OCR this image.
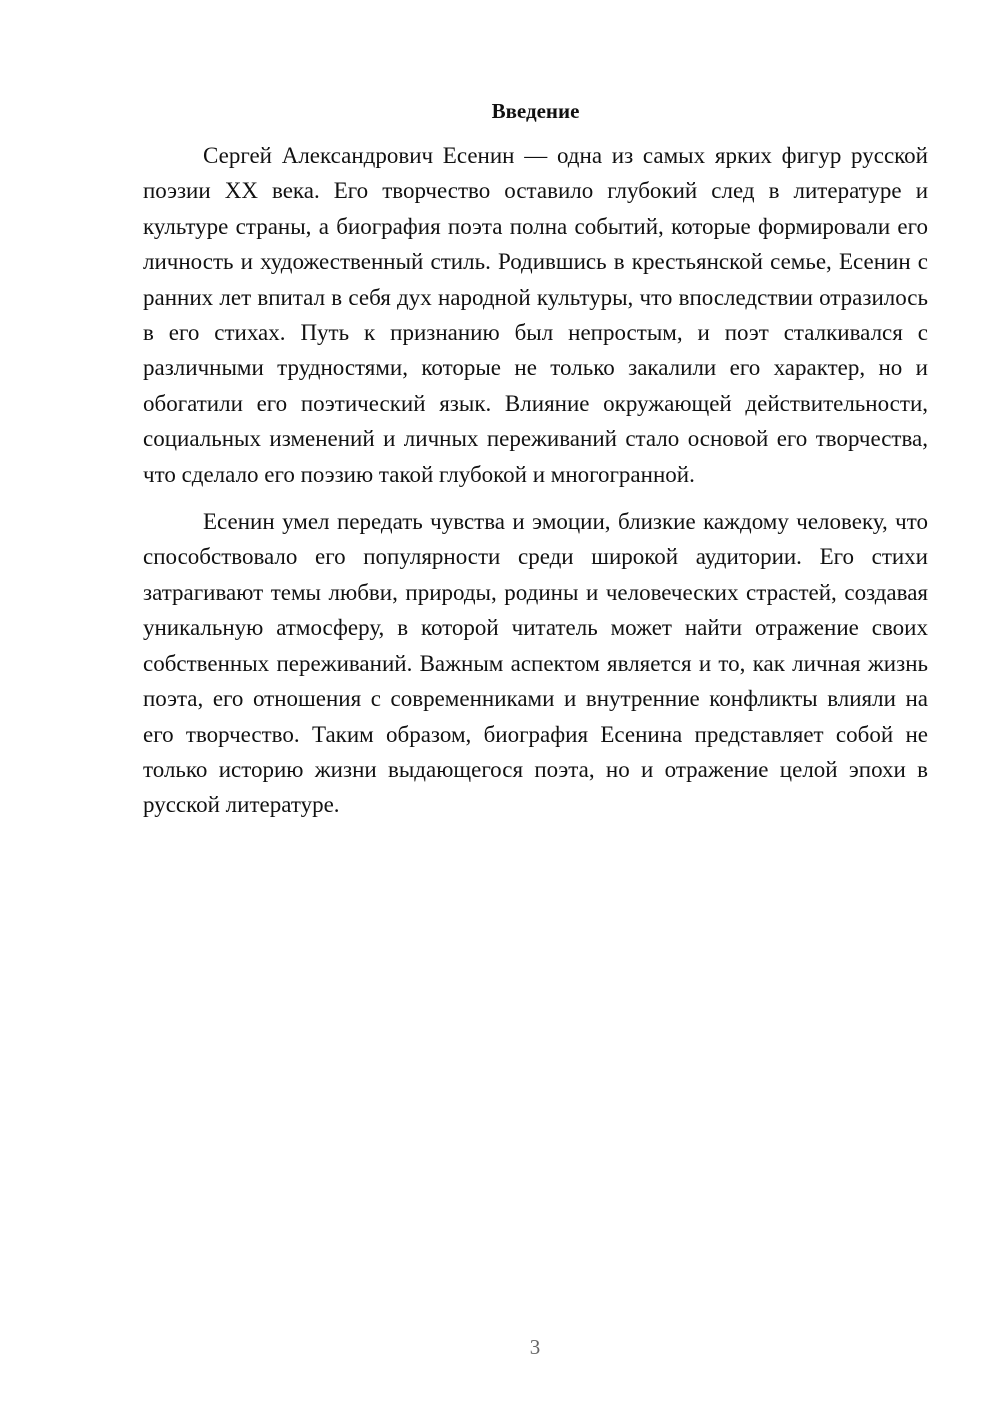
Введение

Сергей Александрович Есенин — одна из самых ярких фигур русской поэзии XX века. Его творчество оставило глубокий след в литературе и культуре страны, а биография поэта полна событий, которые формировали его личность и художественный стиль. Родившись в крестьянской семье, Есенин с ранних лет впитал в себя дух народной культуры, что впоследствии отразилось в его стихах. Путь к признанию был непростым, и поэт сталкивался с различными трудностями, которые не только закалили его характер, но и обогатили его поэтический язык. Влияние окружающей действительности, социальных изменений и личных переживаний стало основой его творчества, что сделало его поэзию такой глубокой и многогранной.

Есенин умел передать чувства и эмоции, близкие каждому человеку, что способствовало его популярности среди широкой аудитории. Его стихи затрагивают темы любви, природы, родины и человеческих страстей, создавая уникальную атмосферу, в которой читатель может найти отражение своих собственных переживаний. Важным аспектом является и то, как личная жизнь поэта, его отношения с современниками и внутренние конфликты влияли на его творчество. Таким образом, биография Есенина представляет собой не только историю жизни выдающегося поэта, но и отражение целой эпохи в русской литературе.

3
